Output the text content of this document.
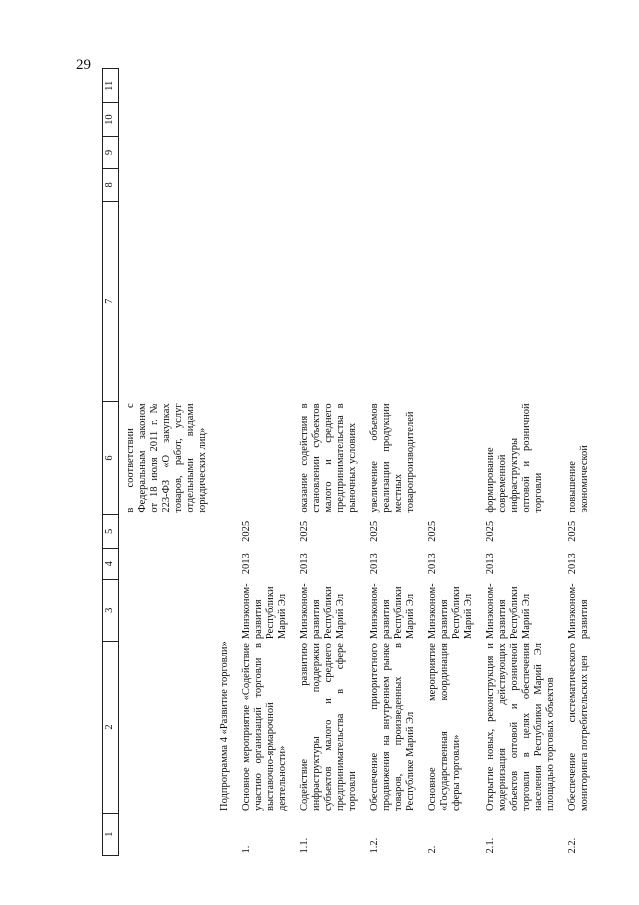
29
1	2	3	4	5	6	7	8	9	10	11
					в соответствии с Федеральным законом от 18 июля 2011 г. № 223-ФЗ «О закупках товаров, работ, услуг отдельными видами юридических лиц»					
	Подпрограмма 4 «Развитие торговли»									
1.	Основное мероприятие «Содействие участию организаций торговли в выставочно-ярмарочной деятельности»	Минэконом-развития Республики Марий Эл	2013	2025						
1.1.	Содействие развитию инфраструктуры поддержки субъектов малого и среднего предпринимательства в сфере торговли	Минэконом-развития Республики Марий Эл	2013	2025	оказание содействия в становлении субъектов малого и среднего предпринимательства в рыночных условиях					
1.2.	Обеспечение приоритетного продвижения на внутреннем рынке товаров, произведенных в Республике Марий Эл	Минэконом-развития Республики Марий Эл	2013	2025	увеличение объемов реализации продукции местных товаропроизводителей					
2.	Основное мероприятие «Государственная координация сферы торговли»	Минэконом-развития Республики Марий Эл	2013	2025						
2.1.	Открытие новых, реконструкция и модернизация действующих объектов оптовой и розничной торговли в целях обеспечения населения Республики Марий Эл площадью торговых объектов	Минэконом-развития Республики Марий Эл	2013	2025	формирование современной инфраструктуры оптовой и розничной торговли					
2.2.	Обеспечение систематического мониторинга потребительских цен	Минэконом-развития	2013	2025	повышение экономической					
